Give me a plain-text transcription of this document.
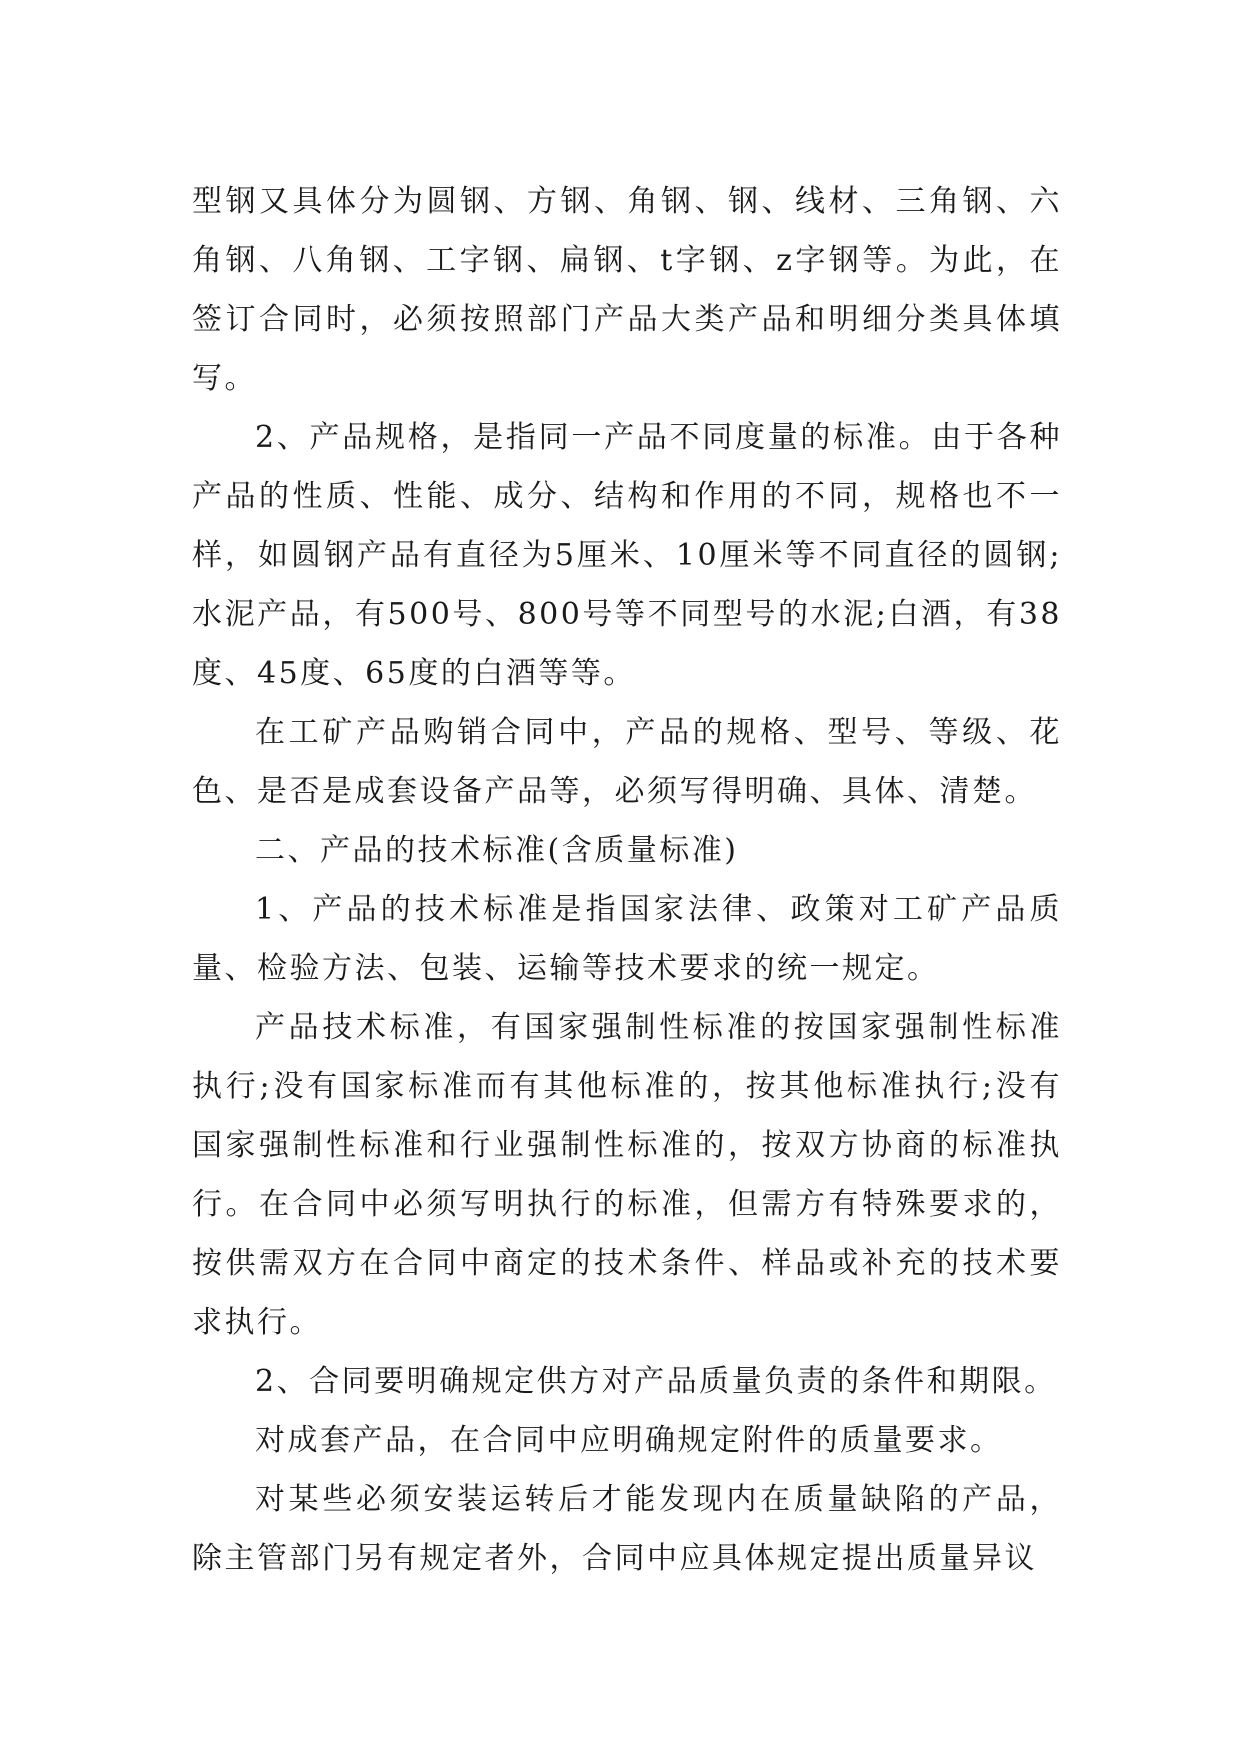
型钢又具体分为圆钢、方钢、角钢、钢、线材、三角钢、六角钢、八角钢、工字钢、扁钢、t字钢、z字钢等。为此，在签订合同时，必须按照部门产品大类产品和明细分类具体填写。

2、产品规格，是指同一产品不同度量的标准。由于各种产品的性质、性能、成分、结构和作用的不同，规格也不一样，如圆钢产品有直径为5厘米、10厘米等不同直径的圆钢;水泥产品，有500号、800号等不同型号的水泥;白酒，有38度、45度、65度的白酒等等。

在工矿产品购销合同中，产品的规格、型号、等级、花色、是否是成套设备产品等，必须写得明确、具体、清楚。

二、产品的技术标准(含质量标准)

1、产品的技术标准是指国家法律、政策对工矿产品质量、检验方法、包装、运输等技术要求的统一规定。

产品技术标准，有国家强制性标准的按国家强制性标准执行;没有国家标准而有其他标准的，按其他标准执行;没有国家强制性标准和行业强制性标准的，按双方协商的标准执行。在合同中必须写明执行的标准，但需方有特殊要求的，按供需双方在合同中商定的技术条件、样品或补充的技术要求执行。

2、合同要明确规定供方对产品质量负责的条件和期限。

对成套产品，在合同中应明确规定附件的质量要求。

对某些必须安装运转后才能发现内在质量缺陷的产品，除主管部门另有规定者外，合同中应具体规定提出质量异议
